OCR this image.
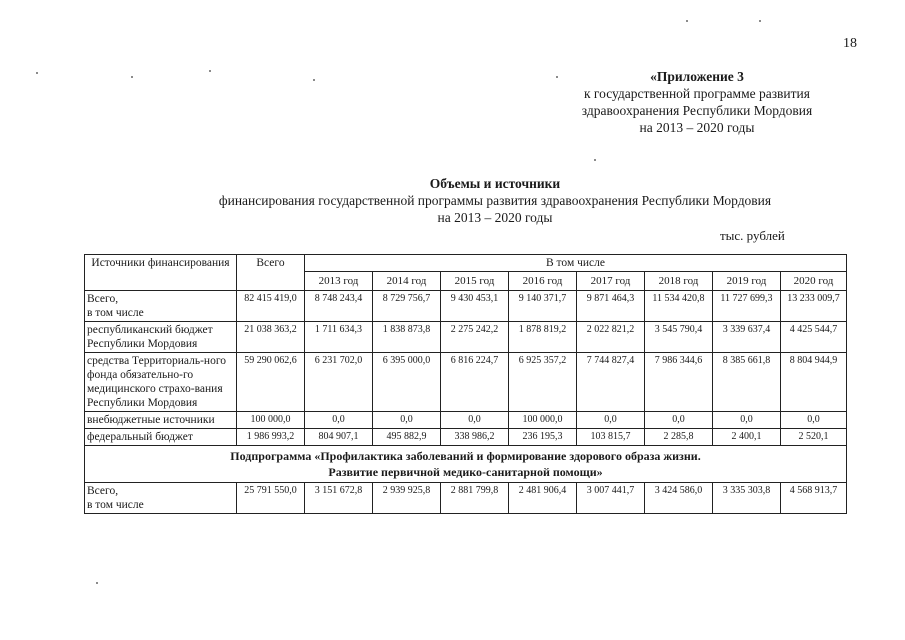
18
«Приложение 3
к государственной программе развития
здравоохранения Республики Мордовия
на 2013 – 2020 годы
Объемы и источники
финансирования государственной программы развития здравоохранения Республики Мордовия
на 2013 – 2020 годы
тыс. рублей
Источники финансирования	Всего	В том числе							
		2013 год	2014 год	2015 год	2016 год	2017 год	2018 год	2019 год	2020 год
Всего,
в том числе	82 415 419,0	8 748 243,4	8 729 756,7	9 430 453,1	9 140 371,7	9 871 464,3	11 534 420,8	11 727 699,3	13 233 009,7
республиканский бюджет Республики Мордовия	21 038 363,2	1 711 634,3	1 838 873,8	2 275 242,2	1 878 819,2	2 022 821,2	3 545 790,4	3 339 637,4	4 425 544,7
средства Территориаль-ного фонда обязательно-го медицинского страхо-вания Республики Мордовия	59 290 062,6	6 231 702,0	6 395 000,0	6 816 224,7	6 925 357,2	7 744 827,4	7 986 344,6	8 385 661,8	8 804 944,9
внебюджетные источники	100 000,0	0,0	0,0	0,0	100 000,0	0,0	0,0	0,0	0,0
федеральный бюджет	1 986 993,2	804 907,1	495 882,9	338 986,2	236 195,3	103 815,7	2 285,8	2 400,1	2 520,1

Подпрограмма «Профилактика заболеваний и формирование здорового образа жизни.
Развитие первичной медико-санитарной помощи»									

Всего,
в том числе	25 791 550,0	3 151 672,8	2 939 925,8	2 881 799,8	2 481 906,4	3 007 441,7	3 424 586,0	3 335 303,8	4 568 913,7
